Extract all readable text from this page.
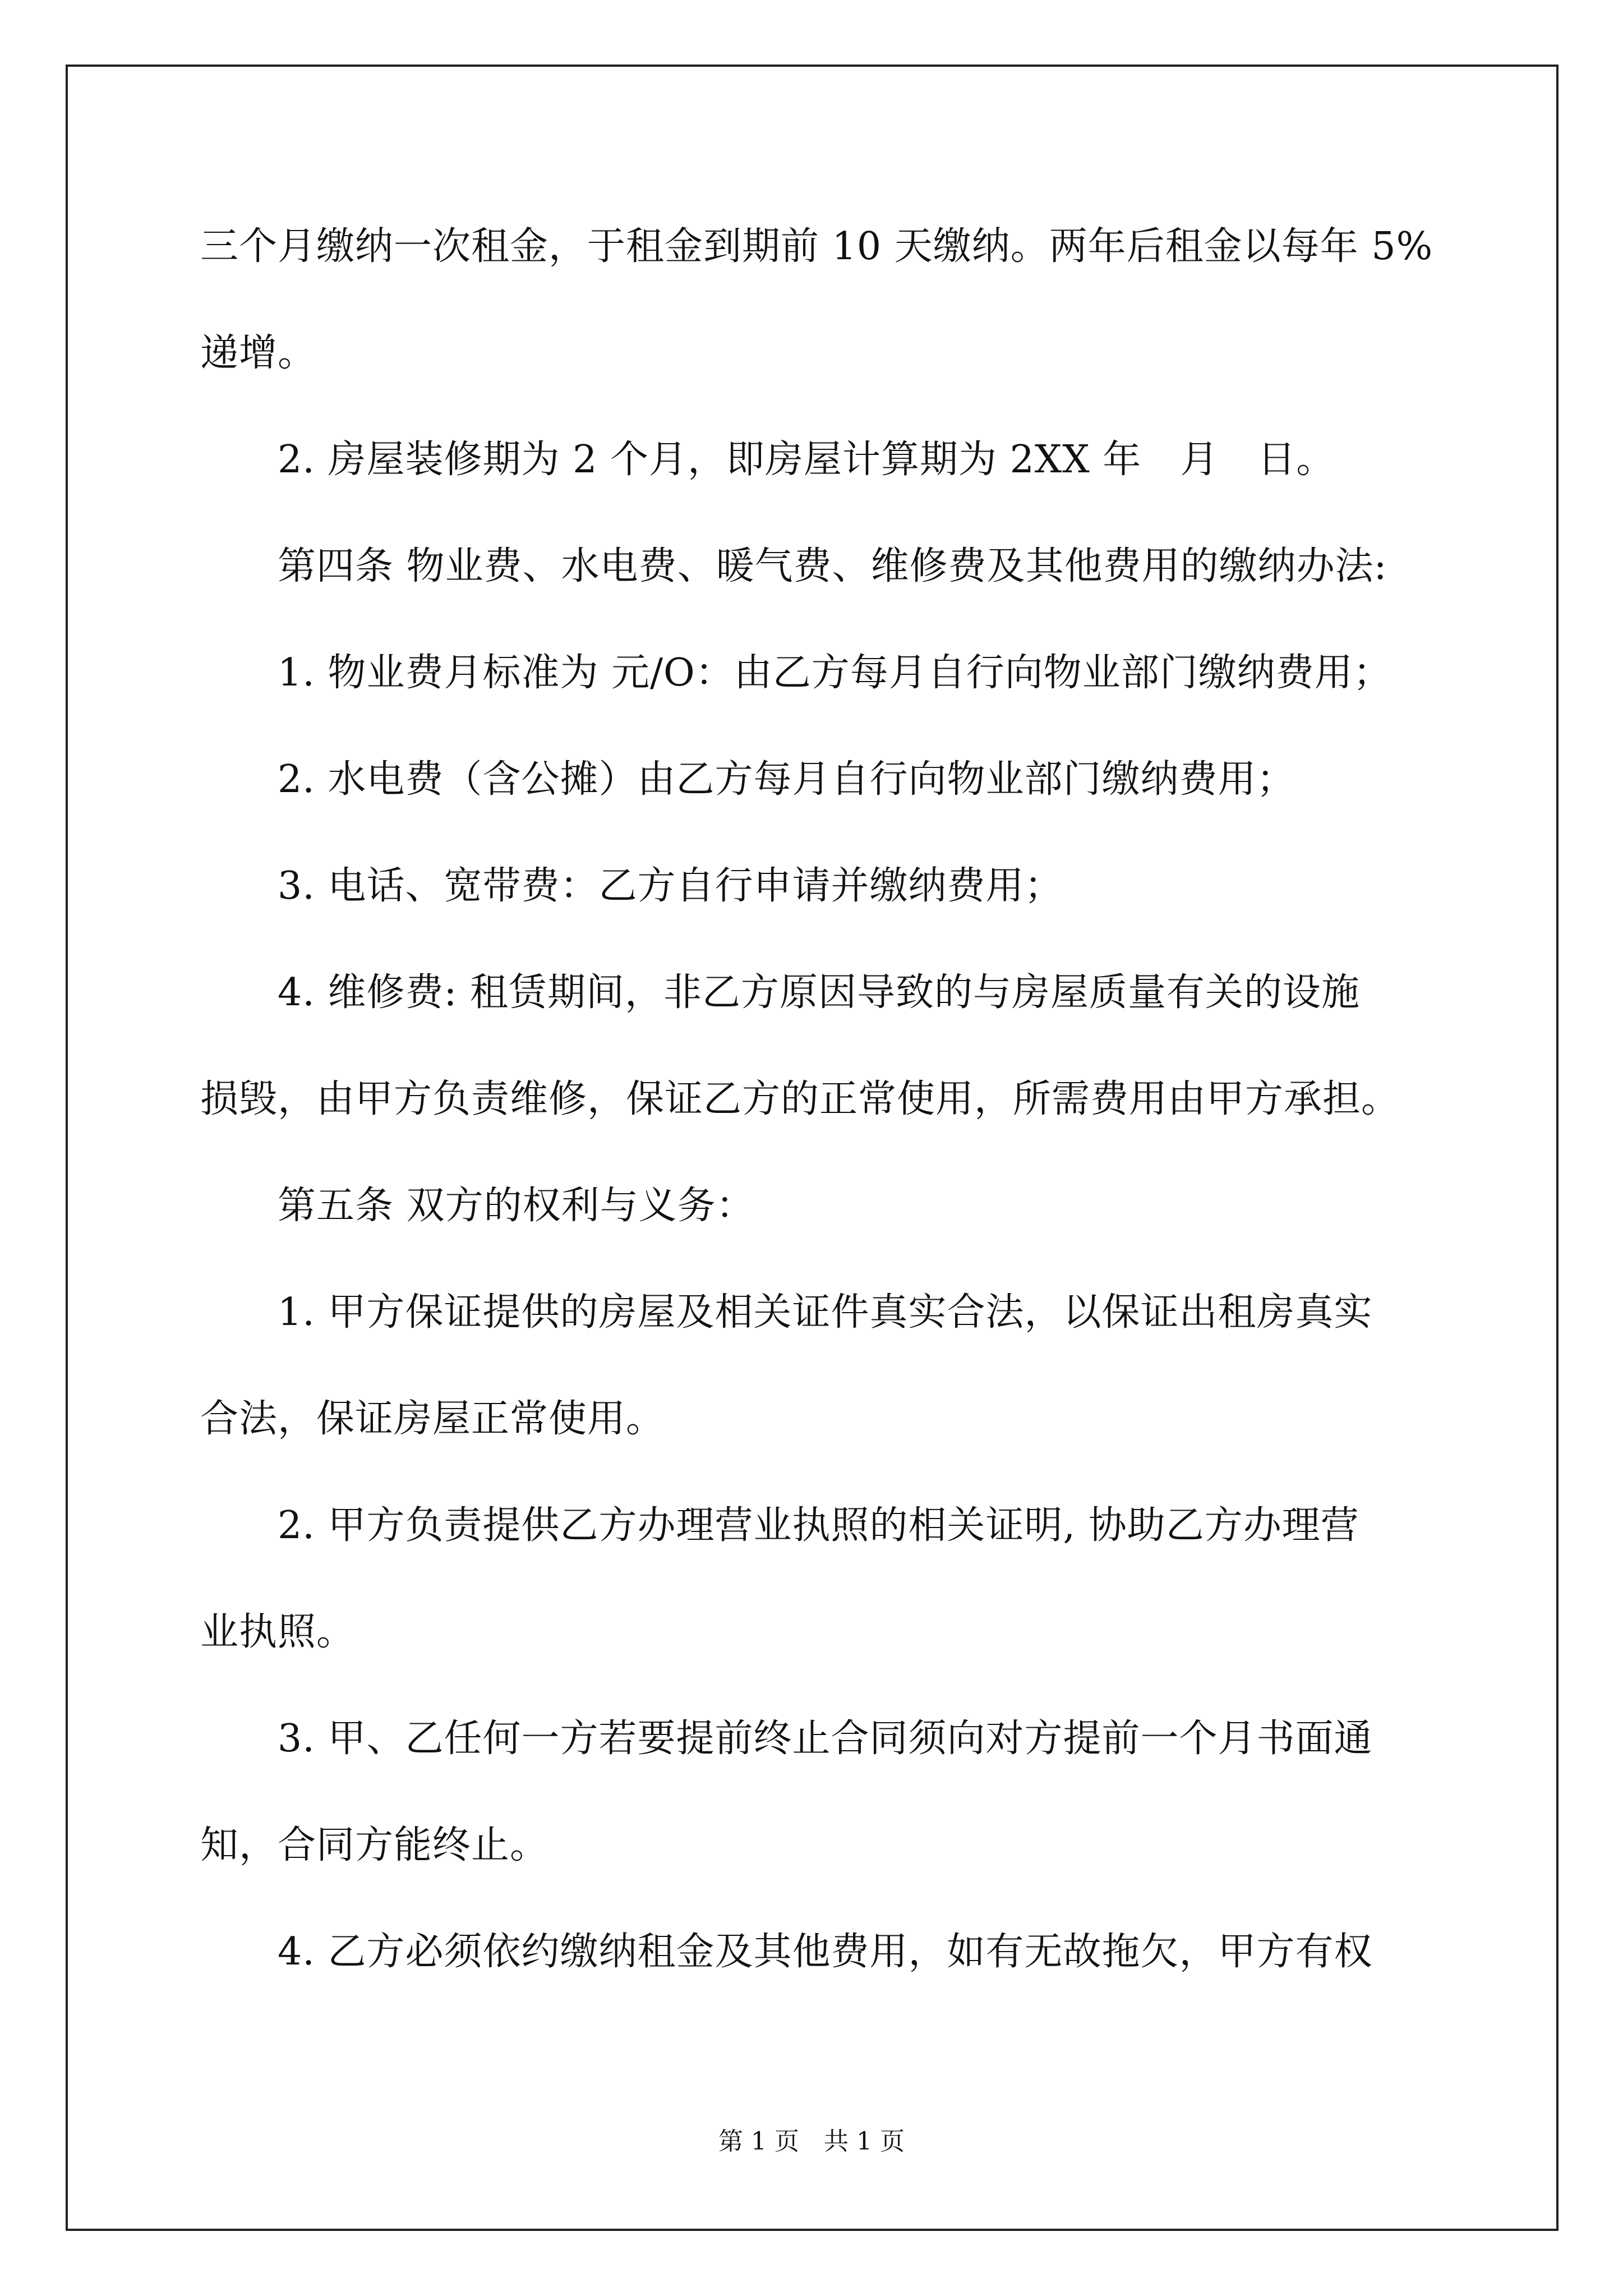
三个月缴纳一次租金，于租金到期前 10 天缴纳。两年后租金以每年 5%
递增。
　　2. 房屋装修期为 2 个月，即房屋计算期为 2XX 年　月　日。
　　第四条 物业费、水电费、暖气费、维修费及其他费用的缴纳办法:
　　1. 物业费月标准为 元/O：由乙方每月自行向物业部门缴纳费用；
　　2. 水电费（含公摊）由乙方每月自行向物业部门缴纳费用；
　　3. 电话、宽带费：乙方自行申请并缴纳费用；
　　4. 维修费: 租赁期间，非乙方原因导致的与房屋质量有关的设施
损毁，由甲方负责维修，保证乙方的正常使用，所需费用由甲方承担。
　　第五条 双方的权利与义务：
　　1. 甲方保证提供的房屋及相关证件真实合法，以保证出租房真实
合法，保证房屋正常使用。
　　2. 甲方负责提供乙方办理营业执照的相关证明, 协助乙方办理营
业执照。
　　3. 甲、乙任何一方若要提前终止合同须向对方提前一个月书面通
知，合同方能终止。
　　4. 乙方必须依约缴纳租金及其他费用，如有无故拖欠，甲方有权
第 1 页　共 1 页
